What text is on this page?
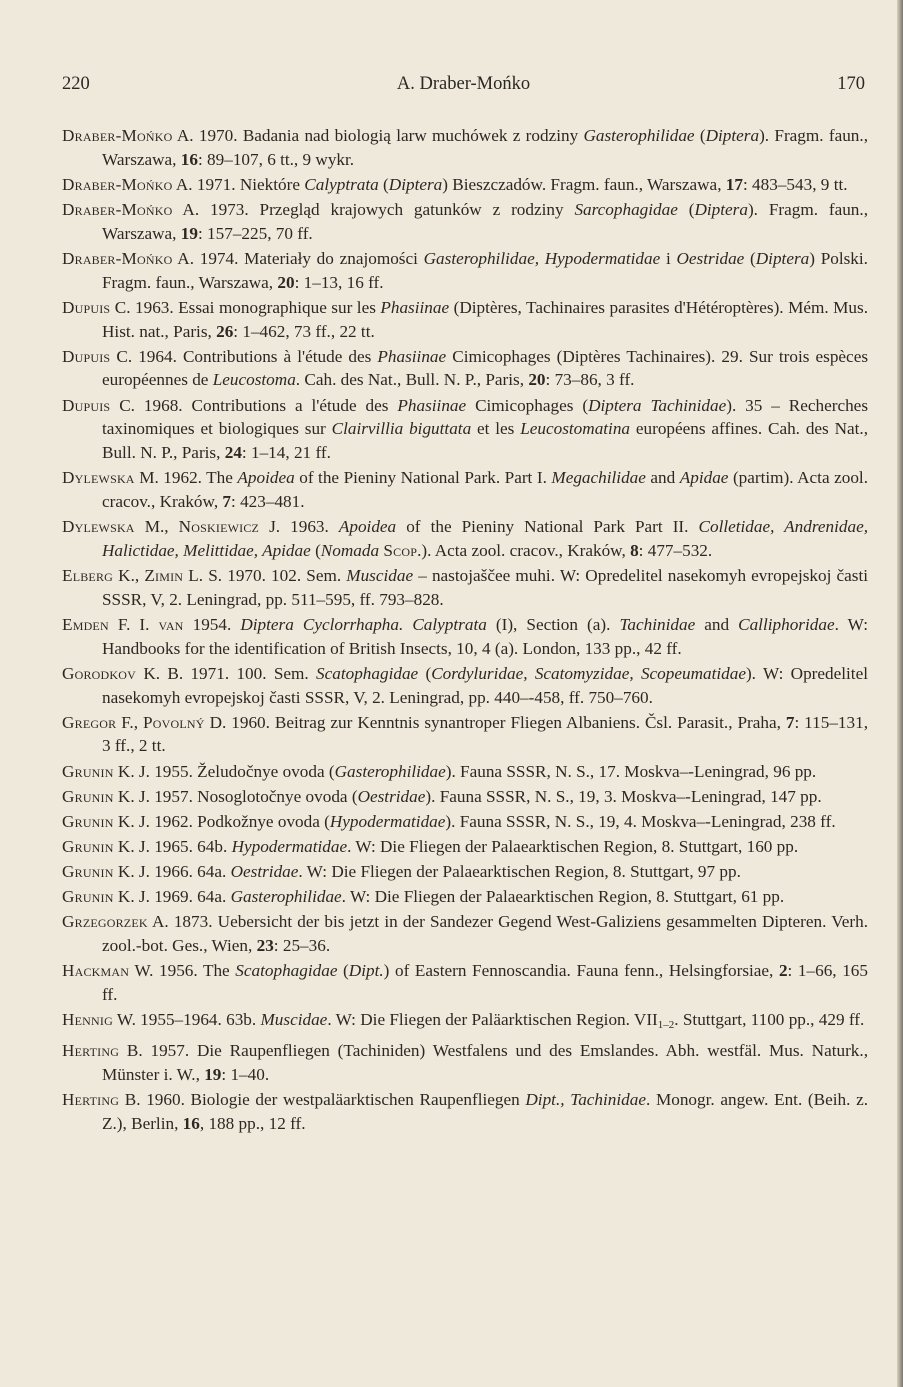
220	A. Draber-Mońko	170

Draber-Mońko A. 1970. Badania nad biologią larw muchówek z rodziny Gasterophilidae (Diptera). Fragm. faun., Warszawa, 16: 89–107, 6 tt., 9 wykr.

Draber-Mońko A. 1971. Niektóre Calyptrata (Diptera) Bieszczadów. Fragm. faun., Warszawa, 17: 483–543, 9 tt.

Draber-Mońko A. 1973. Przegląd krajowych gatunków z rodziny Sarcophagidae (Diptera). Fragm. faun., Warszawa, 19: 157–225, 70 ff.

Draber-Mońko A. 1974. Materiały do znajomości Gasterophilidae, Hypodermatidae i Oestridae (Diptera) Polski. Fragm. faun., Warszawa, 20: 1–13, 16 ff.

Dupuis C. 1963. Essai monographique sur les Phasiinae (Diptères, Tachinaires parasites d'Hétéroptères). Mém. Mus. Hist. nat., Paris, 26: 1–462, 73 ff., 22 tt.

Dupuis C. 1964. Contributions à l'étude des Phasiinae Cimicophages (Diptères Tachinaires). 29. Sur trois espèces européennes de Leucostoma. Cah. des Nat., Bull. N. P., Paris, 20: 73–86, 3 ff.

Dupuis C. 1968. Contributions a l'étude des Phasiinae Cimicophages (Diptera Tachinidae). 35 – Recherches taxinomiques et biologiques sur Clairvillia biguttata et les Leucostomatina européens affines. Cah. des Nat., Bull. N. P., Paris, 24: 1–14, 21 ff.

Dylewska M. 1962. The Apoidea of the Pieniny National Park. Part I. Megachilidae and Apidae (partim). Acta zool. cracov., Kraków, 7: 423–481.

Dylewska M., Noskiewicz J. 1963. Apoidea of the Pieniny National Park Part II. Colletidae, Andrenidae, Halictidae, Melittidae, Apidae (Nomada Scop.). Acta zool. cracov., Kraków, 8: 477–532.

Elberg K., Zimin L. S. 1970. 102. Sem. Muscidae – nastojaščee muhi. W: Opredelitel nasekomyh evropejskoj časti SSSR, V, 2. Leningrad, pp. 511–595, ff. 793–828.

Emden F. I. van 1954. Diptera Cyclorrhapha. Calyptrata (I), Section (a). Tachinidae and Calliphoridae. W: Handbooks for the identification of British Insects, 10, 4 (a). London, 133 pp., 42 ff.

Gorodkov K. B. 1971. 100. Sem. Scatophagidae (Cordyluridae, Scatomyzidae, Scopeumatidae). W: Opredelitel nasekomyh evropejskoj časti SSSR, V, 2. Leningrad, pp. 440–-458, ff. 750–760.

Gregor F., Povolný D. 1960. Beitrag zur Kenntnis synantroper Fliegen Albaniens. Čsl. Parasit., Praha, 7: 115–131, 3 ff., 2 tt.

Grunin K. J. 1955. Želudočnye ovoda (Gasterophilidae). Fauna SSSR, N. S., 17. Moskva–-Leningrad, 96 pp.

Grunin K. J. 1957. Nosoglotočnye ovoda (Oestridae). Fauna SSSR, N. S., 19, 3. Moskva–-Leningrad, 147 pp.

Grunin K. J. 1962. Podkožnye ovoda (Hypodermatidae). Fauna SSSR, N. S., 19, 4. Moskva–-Leningrad, 238 ff.

Grunin K. J. 1965. 64b. Hypodermatidae. W: Die Fliegen der Palaearktischen Region, 8. Stuttgart, 160 pp.

Grunin K. J. 1966. 64a. Oestridae. W: Die Fliegen der Palaearktischen Region, 8. Stuttgart, 97 pp.

Grunin K. J. 1969. 64a. Gasterophilidae. W: Die Fliegen der Palaearktischen Region, 8. Stuttgart, 61 pp.

Grzegorzek A. 1873. Uebersicht der bis jetzt in der Sandezer Gegend West-Galiziens gesammelten Dipteren. Verh. zool.-bot. Ges., Wien, 23: 25–36.

Hackman W. 1956. The Scatophagidae (Dipt.) of Eastern Fennoscandia. Fauna fenn., Helsingforsiae, 2: 1–66, 165 ff.

Hennig W. 1955–1964. 63b. Muscidae. W: Die Fliegen der Paläarktischen Region. $VII_{1-2}$. Stuttgart, 1100 pp., 429 ff.

Herting B. 1957. Die Raupenfliegen (Tachiniden) Westfalens und des Emslandes. Abh. westfäl. Mus. Naturk., Münster i. W., 19: 1–40.

Herting B. 1960. Biologie der westpaläarktischen Raupenfliegen Dipt., Tachinidae. Monogr. angew. Ent. (Beih. z. Z.), Berlin, 16, 188 pp., 12 ff.
